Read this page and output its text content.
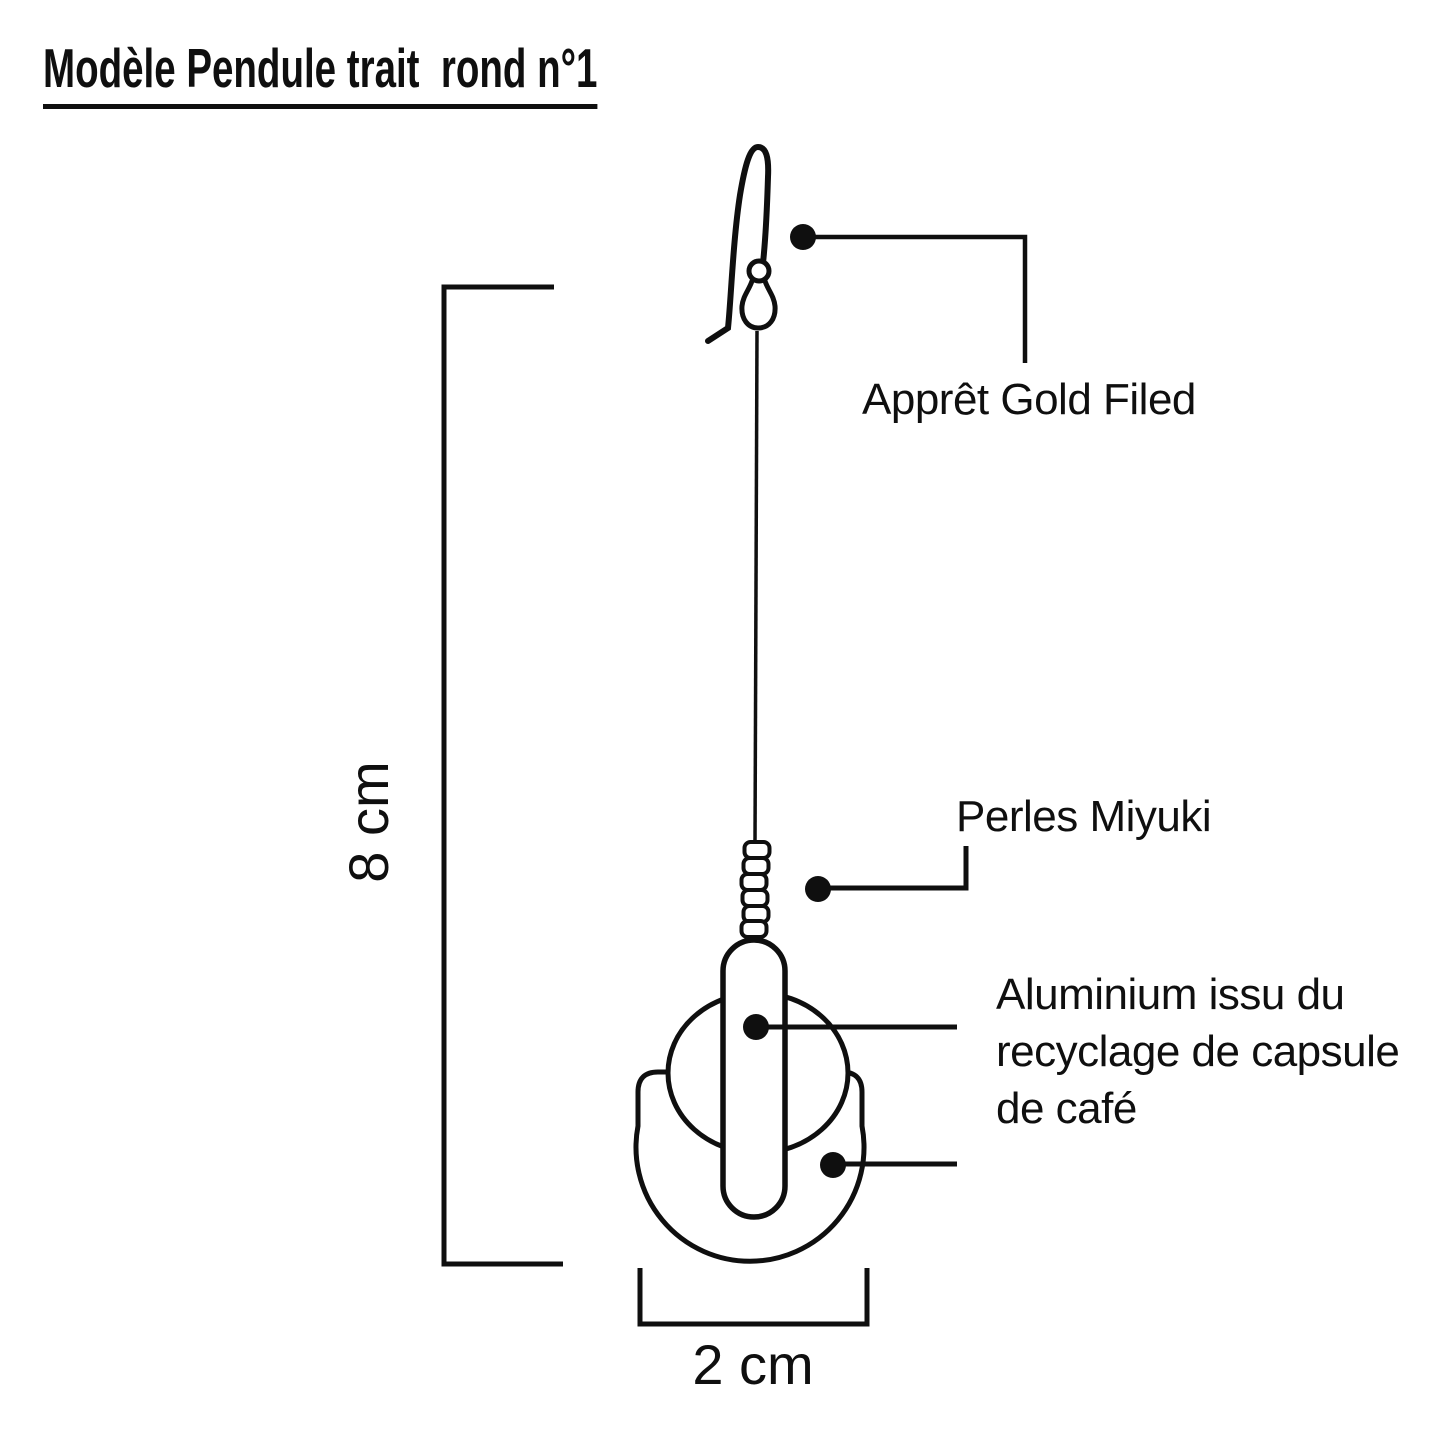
Modèle Pendule trait  rond n°1
Apprêt Gold Filed
Perles Miyuki
Aluminium issu du
recyclage de capsule
de café
8 cm
2 cm
